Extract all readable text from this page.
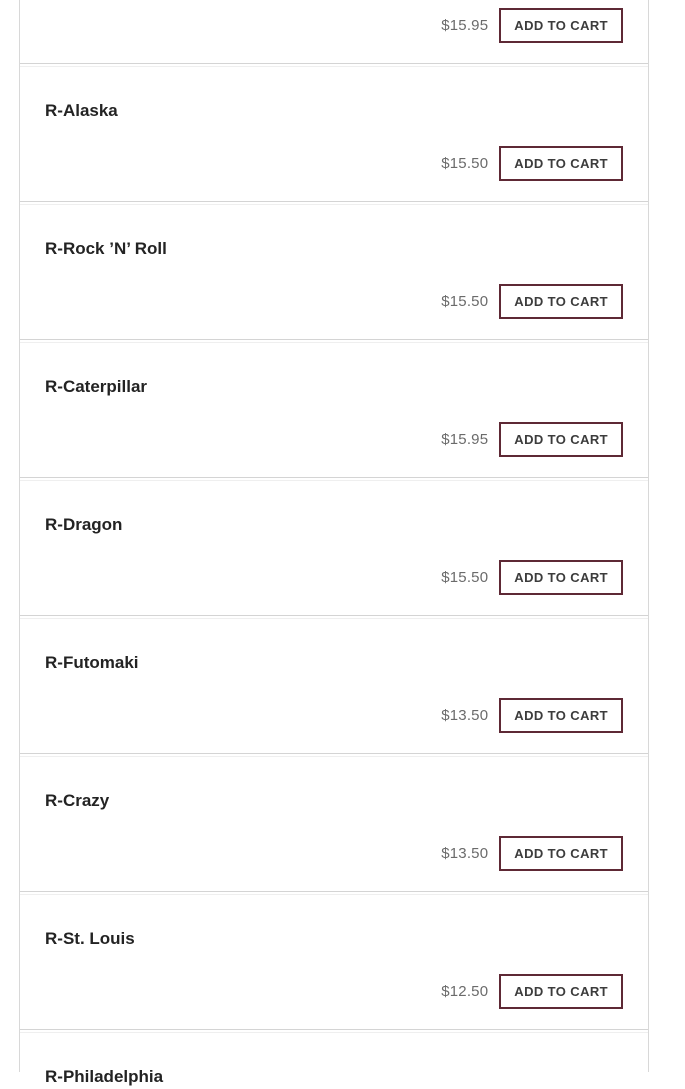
$15.95	ADD TO CART
R-Alaska
$15.50	ADD TO CART
R-Rock ’N’ Roll
$15.50	ADD TO CART
R-Caterpillar
$15.95	ADD TO CART
R-Dragon
$15.50	ADD TO CART
R-Futomaki
$13.50	ADD TO CART
R-Crazy
$13.50	ADD TO CART
R-St. Louis
$12.50	ADD TO CART
R-Philadelphia
